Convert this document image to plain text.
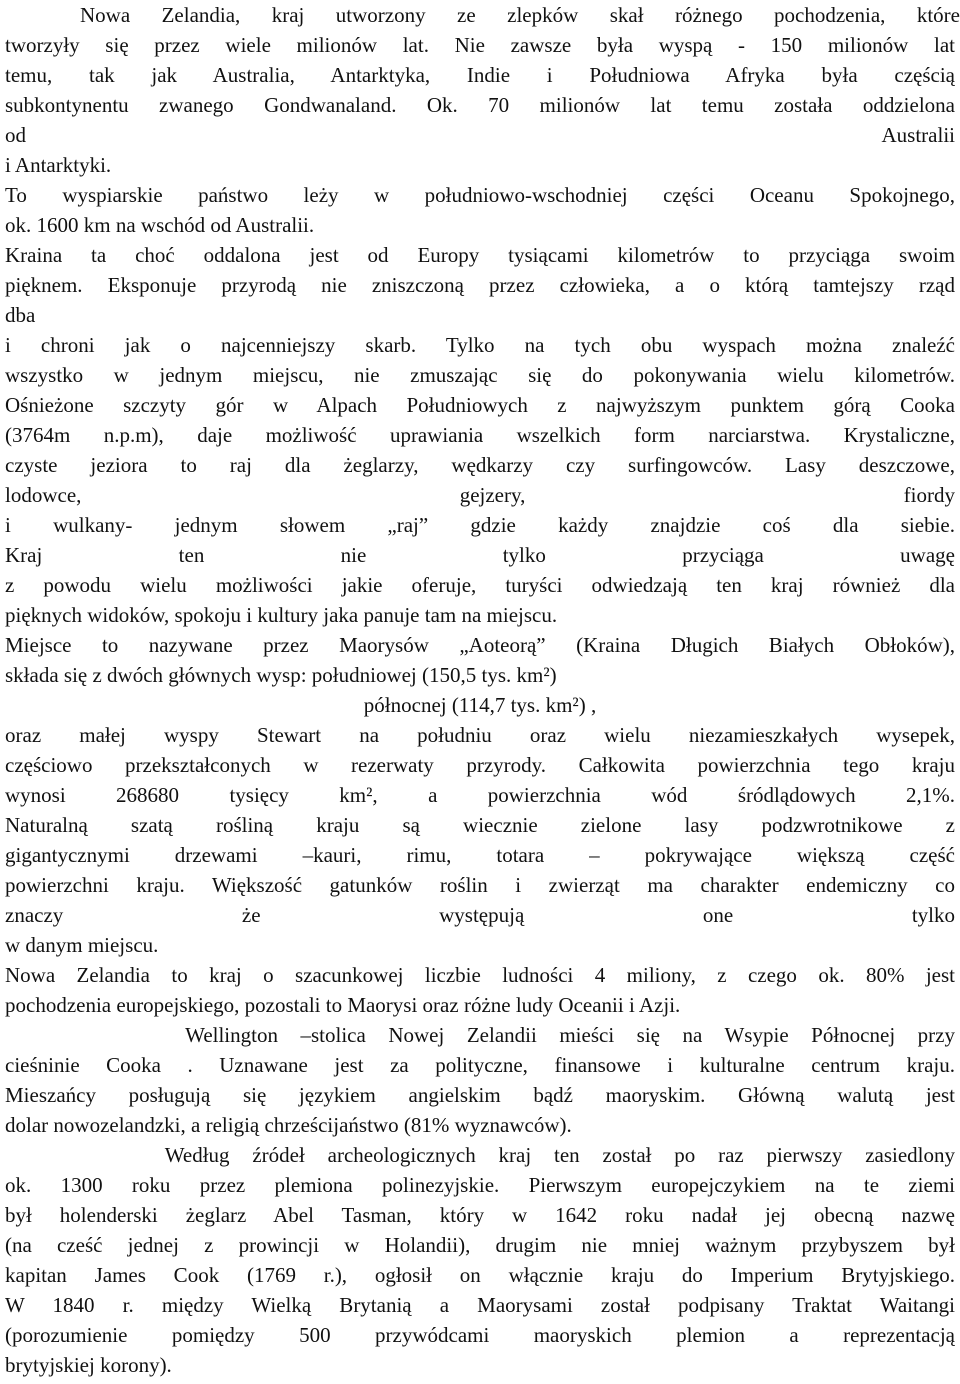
Nowa Zelandia, kraj utworzony ze zlepków skał różnego pochodzenia, które
tworzyły się przez wiele milionów lat. Nie zawsze była wyspą - 150 milionów lat
temu, tak jak Australia, Antarktyka, Indie i Południowa Afryka była częścią
subkontynentu zwanego Gondwanaland. Ok. 70 milionów lat temu została oddzielona
od Australii
i Antarktyki.
To wyspiarskie państwo leży w południowo-wschodniej części Oceanu Spokojnego,
ok. 1600 km na wschód od Australii.
Kraina ta choć oddalona jest od Europy tysiącami kilometrów to przyciąga swoim
pięknem. Eksponuje przyrodą nie zniszczoną przez człowieka, a o którą tamtejszy rząd
dba
i chroni jak o najcenniejszy skarb. Tylko na tych obu wyspach można znaleźć
wszystko w jednym miejscu, nie zmuszając się do pokonywania wielu kilometrów.
Ośnieżone szczyty gór w Alpach Południowych z najwyższym punktem górą Cooka
(3764m n.p.m), daje możliwość uprawiania wszelkich form narciarstwa. Krystaliczne,
czyste jeziora to raj dla żeglarzy, wędkarzy czy surfingowców. Lasy deszczowe,
lodowce, gejzery, fiordy
i wulkany- jednym słowem „raj” gdzie każdy znajdzie coś dla siebie.
Kraj ten nie tylko przyciąga uwagę
z powodu wielu możliwości jakie oferuje, turyści odwiedzają ten kraj również dla
pięknych widoków, spokoju i kultury jaka panuje tam na miejscu.
Miejsce to nazywane przez Maorysów „Aoteorą” (Kraina Długich Białych Obłoków),
składa się z dwóch głównych wysp: południowej (150,5 tys. km²)
północnej (114,7 tys. km²) ,
oraz małej wyspy Stewart na południu oraz wielu niezamieszkałych wysepek,
częściowo przekształconych w rezerwaty przyrody. Całkowita powierzchnia tego kraju
wynosi 268680 tysięcy km², a powierzchnia wód śródlądowych 2,1%.
Naturalną szatą rośliną kraju są wiecznie zielone lasy podzwrotnikowe z
gigantycznymi drzewami –kauri, rimu, totara – pokrywające większą część
powierzchni kraju. Większość gatunków roślin i zwierząt ma charakter endemiczny co
znaczy że występują one tylko
w danym miejscu.
Nowa Zelandia to kraj o szacunkowej liczbie ludności 4 miliony, z czego ok. 80% jest
pochodzenia europejskiego, pozostali to Maorysi oraz różne ludy Oceanii i Azji.
Wellington –stolica Nowej Zelandii mieści się na Wsypie Północnej przy
cieśninie Cooka . Uznawane jest za polityczne, finansowe i kulturalne centrum kraju.
Mieszańcy posługują się językiem angielskim bądź maoryskim. Główną walutą jest
dolar nowozelandzki, a religią chrześcijaństwo (81% wyznawców).
Według źródeł archeologicznych kraj ten został po raz pierwszy zasiedlony
ok. 1300 roku przez plemiona polinezyjskie. Pierwszym europejczykiem na te ziemi
był holenderski żeglarz Abel Tasman, który w 1642 roku nadał jej obecną nazwę
(na cześć jednej z prowincji w Holandii), drugim nie mniej ważnym przybyszem był
kapitan James Cook (1769 r.), ogłosił on włącznie kraju do Imperium Brytyjskiego.
W 1840 r. między Wielką Brytanią a Maorysami został podpisany Traktat Waitangi
(porozumienie pomiędzy 500 przywódcami maoryskich plemion a reprezentacją
brytyjskiej korony).
